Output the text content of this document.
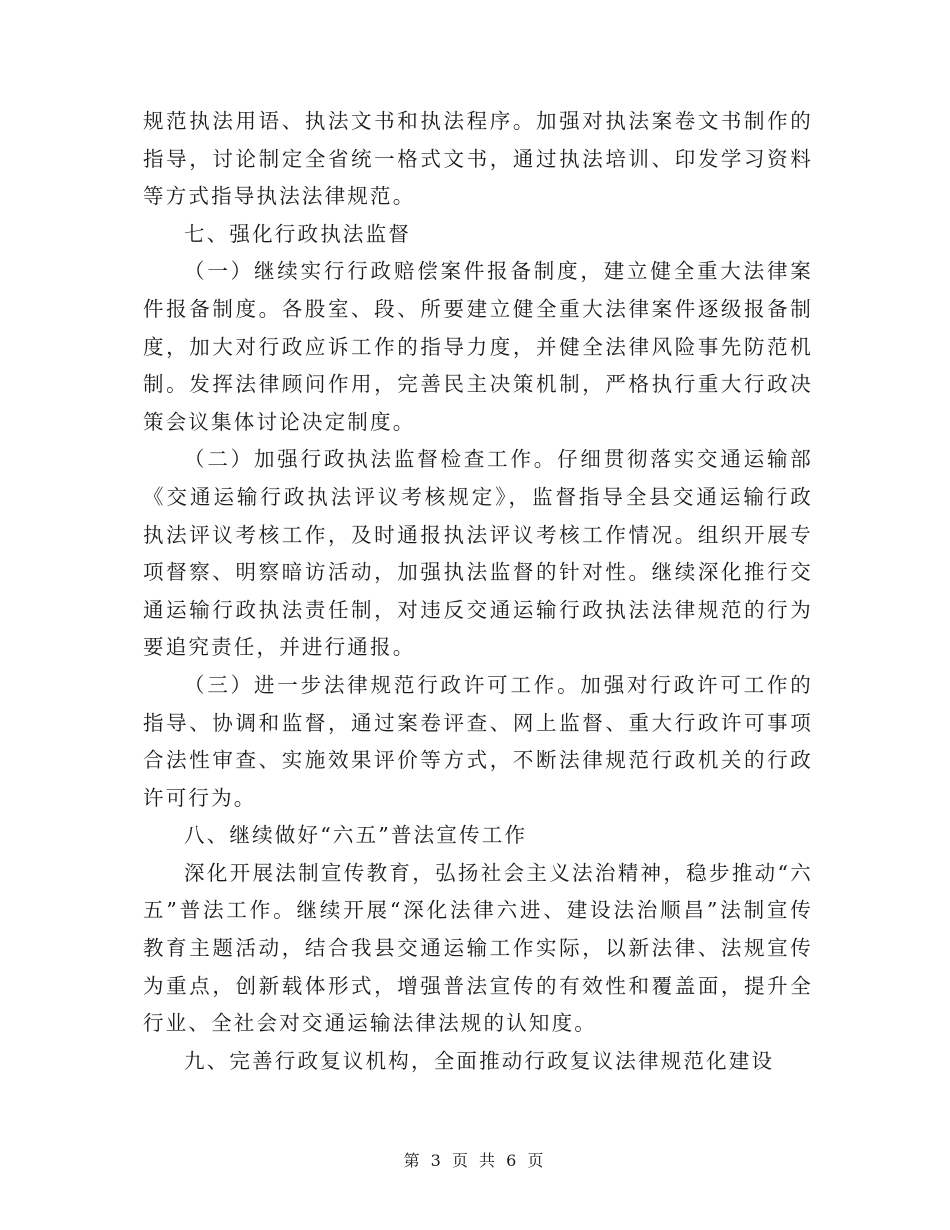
规范执法用语、执法文书和执法程序。加强对执法案卷文书制作的指导，讨论制定全省统一格式文书，通过执法培训、印发学习资料等方式指导执法法律规范。

七、强化行政执法监督

（一）继续实行行政赔偿案件报备制度，建立健全重大法律案件报备制度。各股室、段、所要建立健全重大法律案件逐级报备制度，加大对行政应诉工作的指导力度，并健全法律风险事先防范机制。发挥法律顾问作用，完善民主决策机制，严格执行重大行政决策会议集体讨论决定制度。

（二）加强行政执法监督检查工作。仔细贯彻落实交通运输部《交通运输行政执法评议考核规定》，监督指导全县交通运输行政执法评议考核工作，及时通报执法评议考核工作情况。组织开展专项督察、明察暗访活动，加强执法监督的针对性。继续深化推行交通运输行政执法责任制，对违反交通运输行政执法法律规范的行为要追究责任，并进行通报。

（三）进一步法律规范行政许可工作。加强对行政许可工作的指导、协调和监督，通过案卷评查、网上监督、重大行政许可事项合法性审查、实施效果评价等方式，不断法律规范行政机关的行政许可行为。

八、继续做好“六五”普法宣传工作

深化开展法制宣传教育，弘扬社会主义法治精神，稳步推动“六五”普法工作。继续开展“深化法律六进、建设法治顺昌”法制宣传教育主题活动，结合我县交通运输工作实际，以新法律、法规宣传为重点，创新载体形式，增强普法宣传的有效性和覆盖面，提升全行业、全社会对交通运输法律法规的认知度。

九、完善行政复议机构，全面推动行政复议法律规范化建设

第 3 页 共 6 页
